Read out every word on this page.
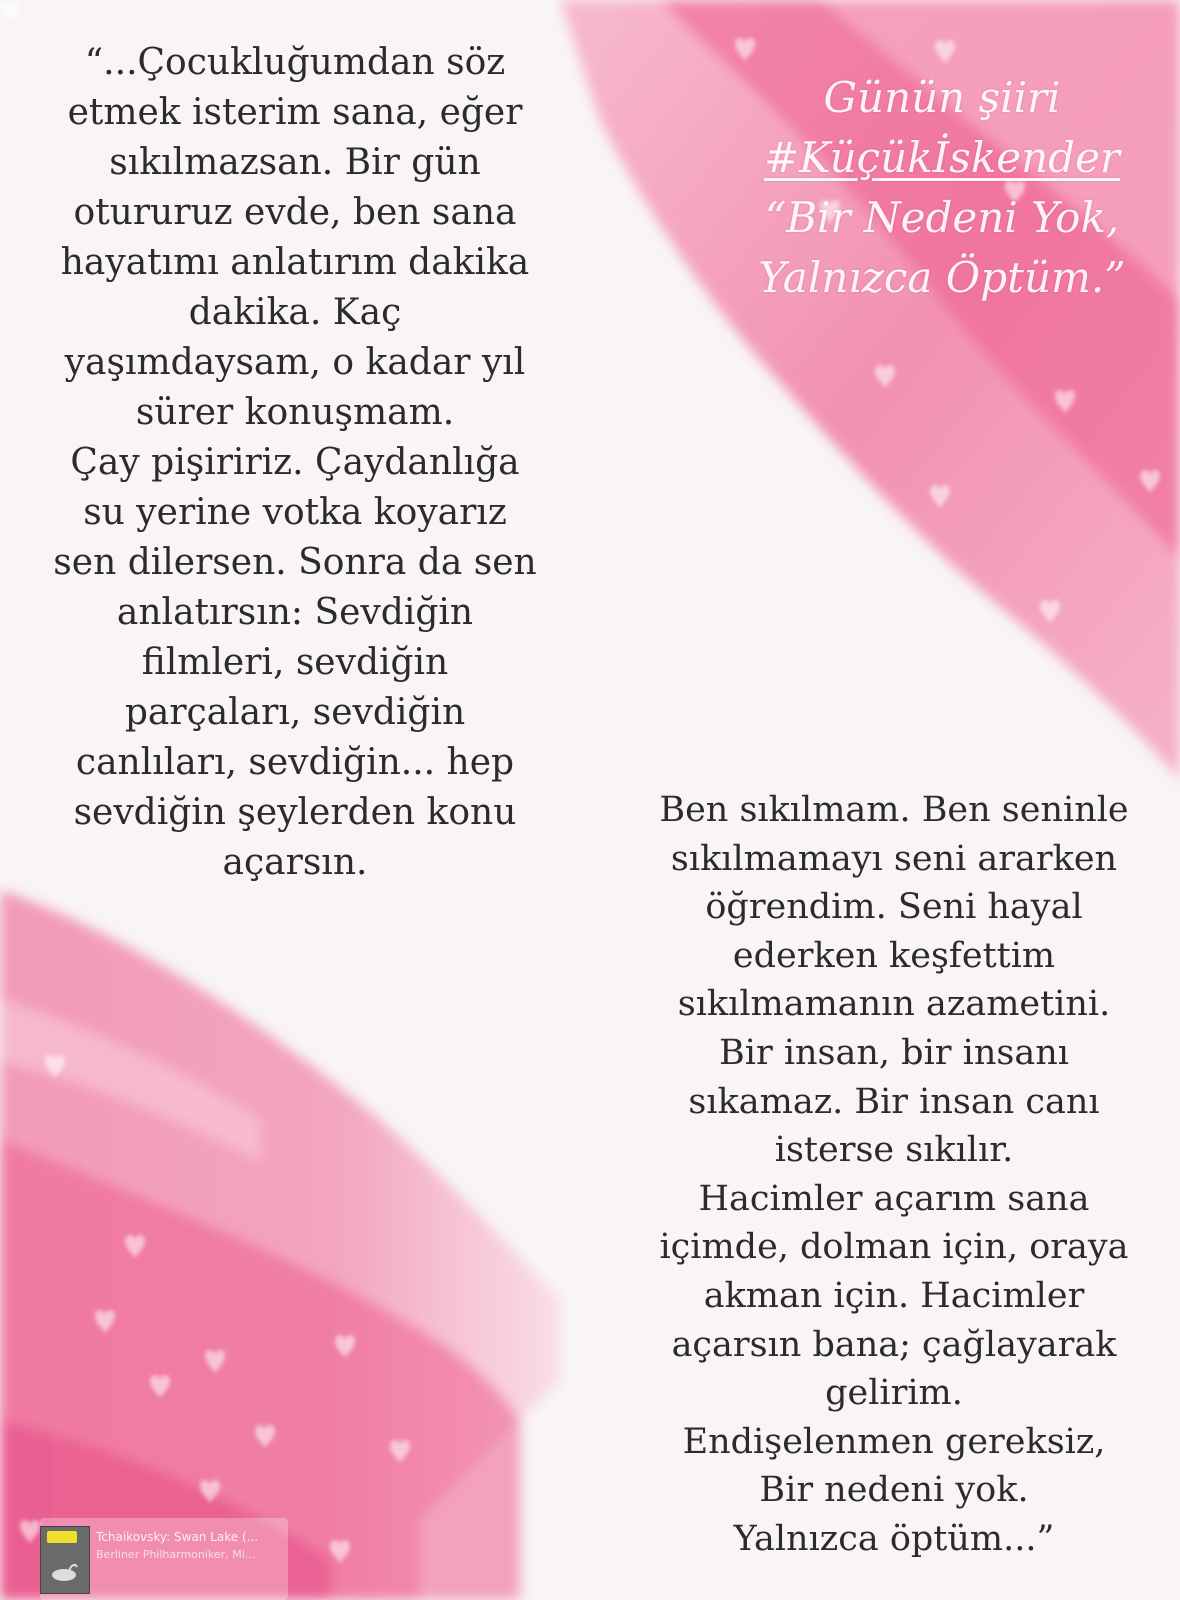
Günün şiiri
#Küçükİskender
“Bir Nedeni Yok,
Yalnızca Öptüm.”
“...Çocukluğumdan söz
etmek isterim sana, eğer
sıkılmazsan. Bir gün
otururuz evde, ben sana
hayatımı anlatırım dakika
dakika. Kaç
yaşımdaysam, o kadar yıl
sürer konuşmam.
Çay pişiririz. Çaydanlığa
su yerine votka koyarız
sen dilersen. Sonra da sen
anlatırsın: Sevdiğin
filmleri, sevdiğin
parçaları, sevdiğin
canlıları, sevdiğin... hep
sevdiğin şeylerden konu
açarsın.
Ben sıkılmam. Ben seninle
sıkılmamayı seni ararken
öğrendim. Seni hayal
ederken keşfettim
sıkılmamanın azametini.
Bir insan, bir insanı
sıkamaz. Bir insan canı
isterse sıkılır.
Hacimler açarım sana
içimde, dolman için, oraya
akman için. Hacimler
açarsın bana; çağlayarak
gelirim.
Endişelenmen gereksiz,
Bir nedeni yok.
Yalnızca öptüm...”
Tchaikovsky: Swan Lake (...
Berliner Philharmoniker, Mi...
